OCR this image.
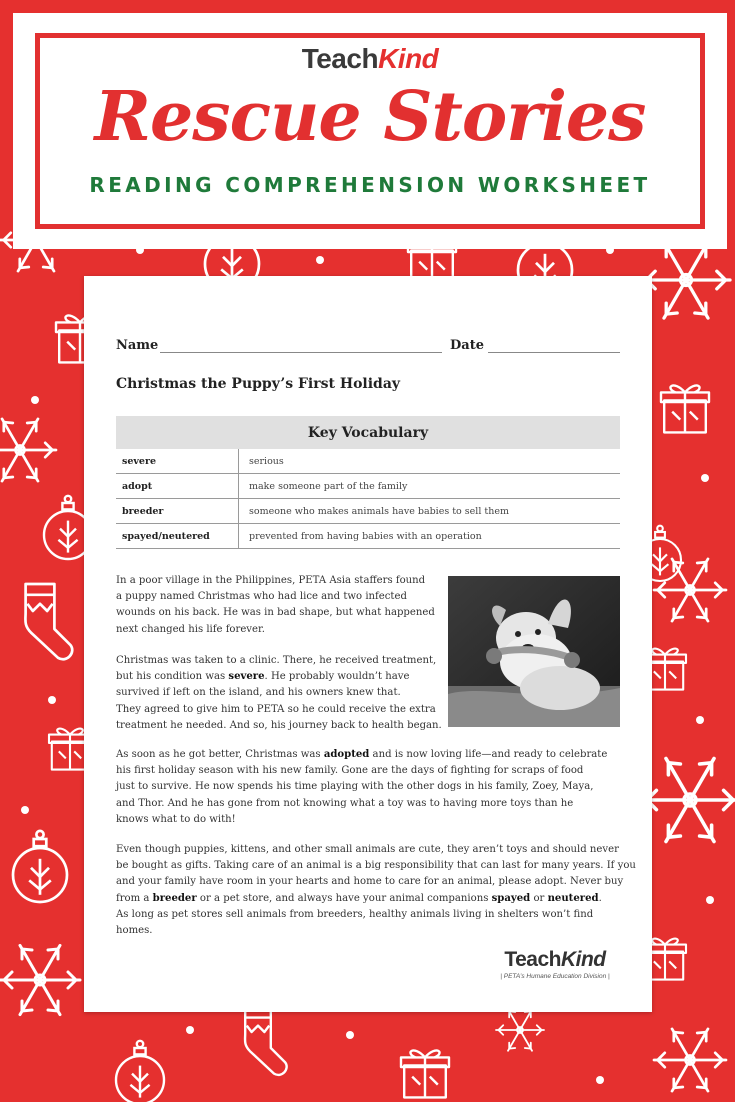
TeachKind
Rescue Stories
READING COMPREHENSION WORKSHEET
Name	Date
Christmas the Puppy’s First Holiday
Key Vocabulary	
severe	serious
adopt	make someone part of the family
breeder	someone who makes animals have babies to sell them
spayed/neutered	prevented from having babies with an operation

In a poor village in the Philippines, PETA Asia staffers found
a puppy named Christmas who had lice and two infected
wounds on his back. He was in bad shape, but what happened
next changed his life forever.

Christmas was taken to a clinic. There, he received treatment,
but his condition was severe. He probably wouldn’t have
survived if left on the island, and his owners knew that.
They agreed to give him to PETA so he could receive the extra
treatment he needed. And so, his journey back to health began.

As soon as he got better, Christmas was adopted and is now loving life—and ready to celebrate
his first holiday season with his new family. Gone are the days of fighting for scraps of food
just to survive. He now spends his time playing with the other dogs in his family, Zoey, Maya,
and Thor. And he has gone from not knowing what a toy was to having more toys than he
knows what to do with!

Even though puppies, kittens, and other small animals are cute, they aren’t toys and should never
be bought as gifts. Taking care of an animal is a big responsibility that can last for many years. If you
and your family have room in your hearts and home to care for an animal, please adopt. Never buy
from a breeder or a pet store, and always have your animal companions spayed or neutered.
As long as pet stores sell animals from breeders, healthy animals living in shelters won’t find
homes.

TeachKind
| PETA’s Humane Education Division |
